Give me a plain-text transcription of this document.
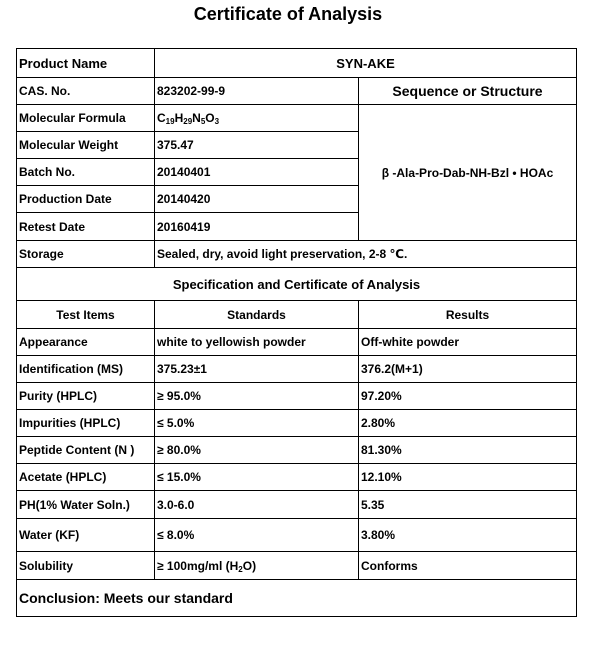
Certificate of Analysis
Product Name	SYN-AKE	
CAS. No.	823202-99-9	Sequence or Structure
Molecular Formula	$C_{19}H_{29}N_5O_3$	β -Ala-Pro-Dab-NH-Bzl • HOAc
Molecular Weight	375.47	
Batch No.	20140401	
Production Date	20140420	
Retest Date	20160419	
Storage	Sealed, dry, avoid light preservation, 2-8 ℃.	
Specification and Certificate of Analysis		
Test Items	Standards	Results
Appearance	white to yellowish powder	Off-white powder
Identification (MS)	375.23±1	376.2(M+1)
Purity (HPLC)	≥ 95.0%	97.20%
Impurities (HPLC)	≤ 5.0%	2.80%
Peptide Content (N )	≥ 80.0%	81.30%
Acetate (HPLC)	≤ 15.0%	12.10%
PH(1% Water Soln.)	3.0-6.0	5.35
Water (KF)	≤ 8.0%	3.80%
Solubility	≥ 100mg/ml $(H_2O)$	Conforms
Conclusion: Meets our standard		
